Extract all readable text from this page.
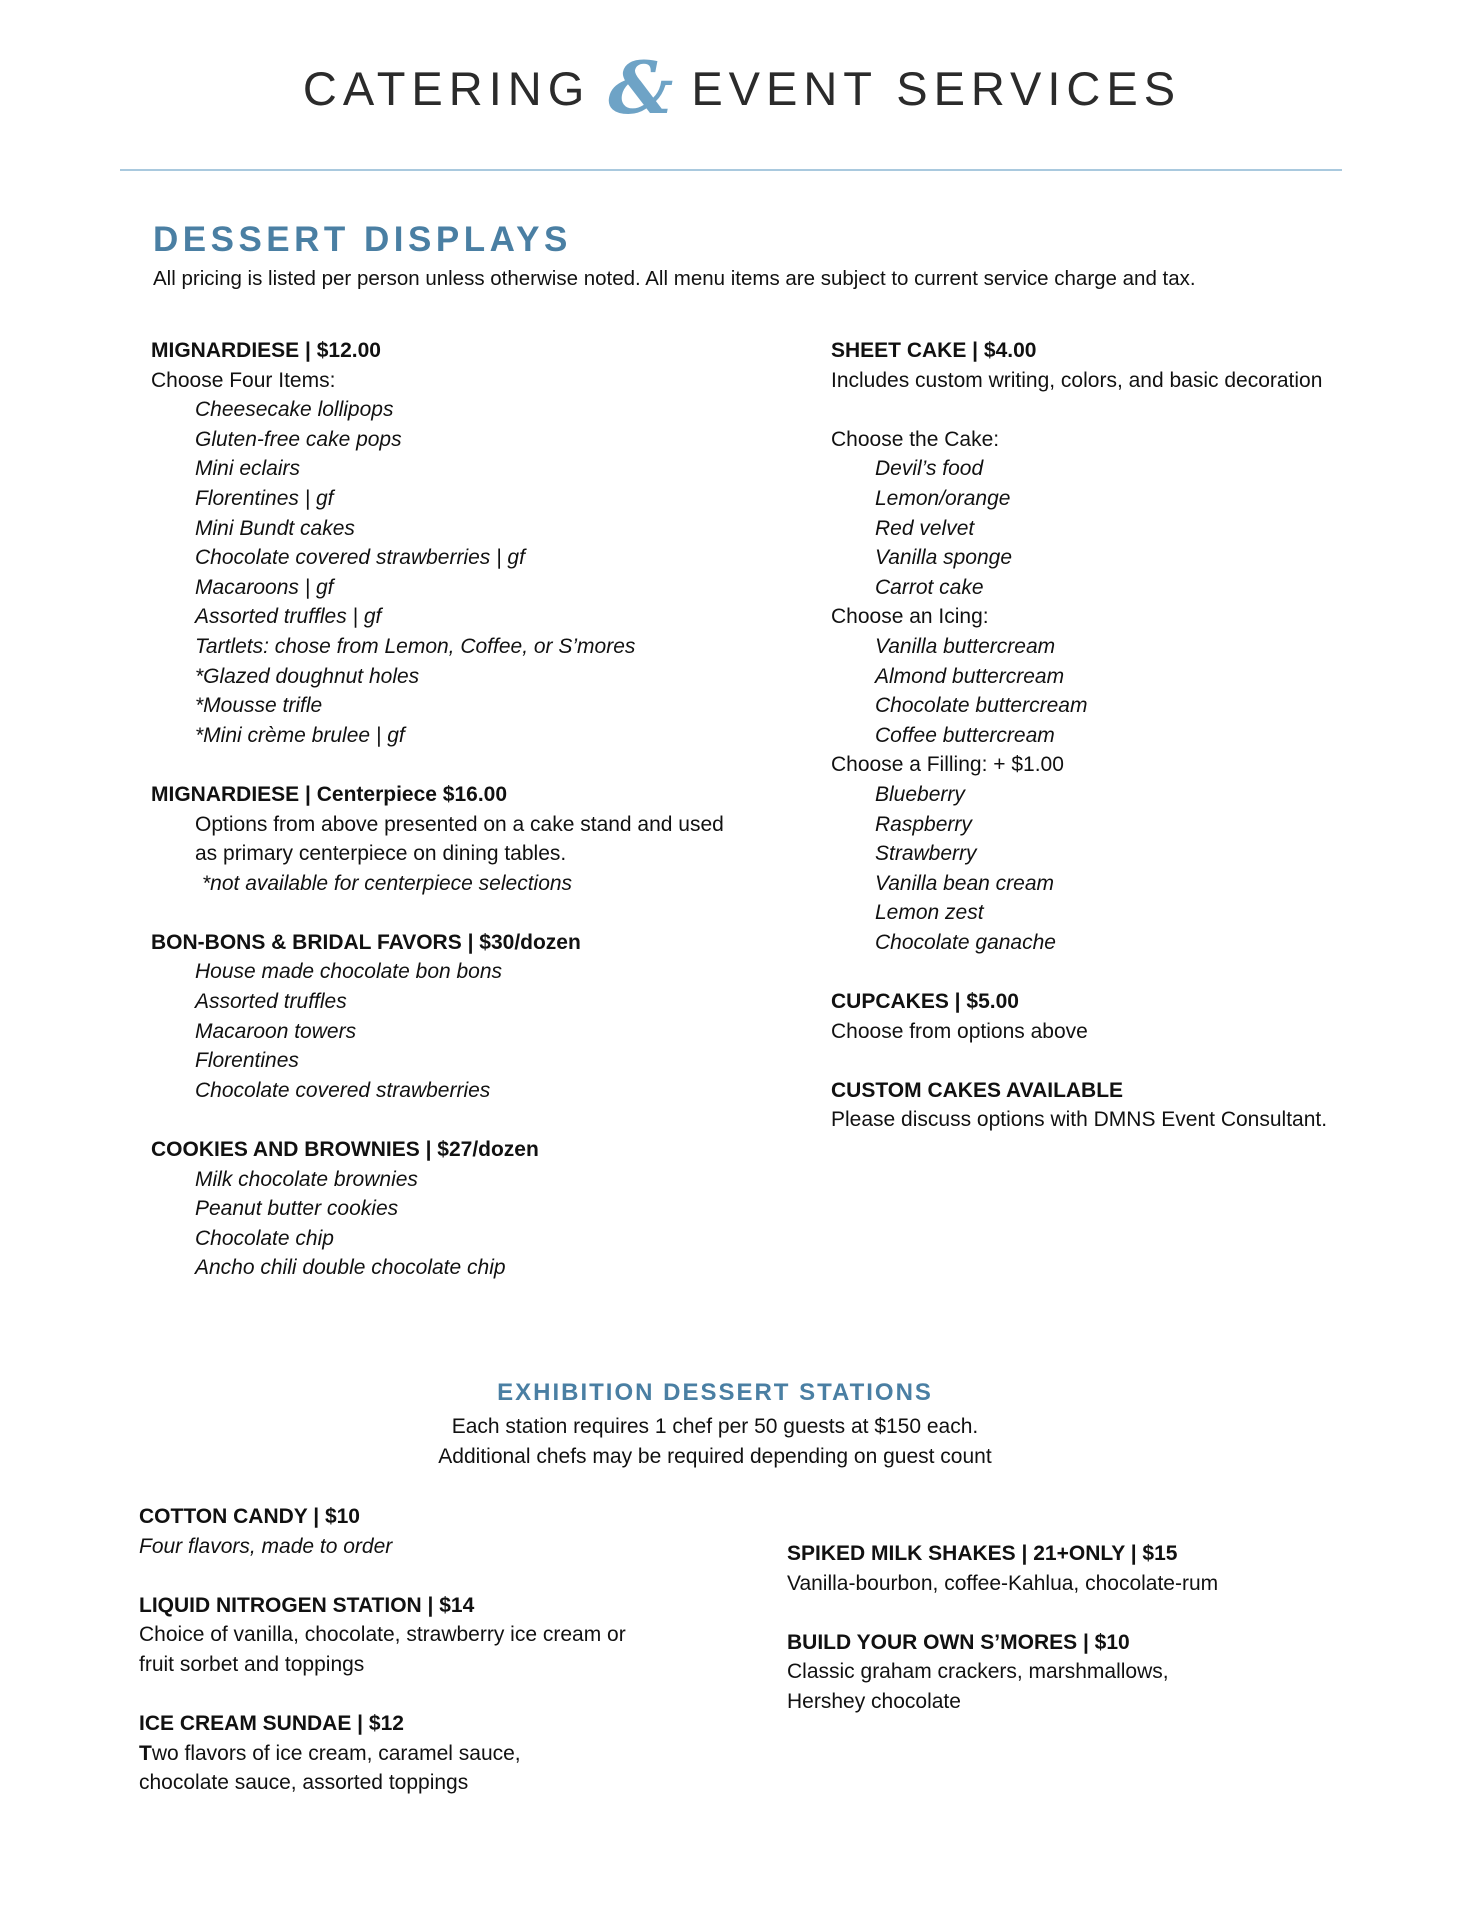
CATERING & EVENT SERVICES
DESSERT DISPLAYS
All pricing is listed per person unless otherwise noted. All menu items are subject to current service charge and tax.
MIGNARDIESE | $12.00
Choose Four Items:
Cheesecake lollipops
Gluten-free cake pops
Mini eclairs
Florentines | gf
Mini Bundt cakes
Chocolate covered strawberries | gf
Macaroons | gf
Assorted truffles | gf
Tartlets: chose from Lemon, Coffee, or S’mores
*Glazed doughnut holes
*Mousse trifle
*Mini crème brulee | gf
MIGNARDIESE | Centerpiece $16.00
Options from above presented on a cake stand and used
as primary centerpiece on dining tables.
*not available for centerpiece selections
BON-BONS & BRIDAL FAVORS | $30/dozen
House made chocolate bon bons
Assorted truffles
Macaroon towers
Florentines
Chocolate covered strawberries
COOKIES AND BROWNIES | $27/dozen
Milk chocolate brownies
Peanut butter cookies
Chocolate chip
Ancho chili double chocolate chip
SHEET CAKE | $4.00
Includes custom writing, colors, and basic decoration
Choose the Cake:
Devil’s food
Lemon/orange
Red velvet
Vanilla sponge
Carrot cake
Choose an Icing:
Vanilla buttercream
Almond buttercream
Chocolate buttercream
Coffee buttercream
Choose a Filling: + $1.00
Blueberry
Raspberry
Strawberry
Vanilla bean cream
Lemon zest
Chocolate ganache
CUPCAKES | $5.00
Choose from options above
CUSTOM CAKES AVAILABLE
Please discuss options with DMNS Event Consultant.
EXHIBITION DESSERT STATIONS
Each station requires 1 chef per 50 guests at $150 each.
Additional chefs may be required depending on guest count
COTTON CANDY | $10
Four flavors, made to order
LIQUID NITROGEN STATION | $14
Choice of vanilla, chocolate, strawberry ice cream or
fruit sorbet and toppings
ICE CREAM SUNDAE | $12
Two flavors of ice cream, caramel sauce,
chocolate sauce, assorted toppings
SPIKED MILK SHAKES | 21+ONLY | $15
Vanilla-bourbon, coffee-Kahlua, chocolate-rum
BUILD YOUR OWN S’MORES | $10
Classic graham crackers, marshmallows,
Hershey chocolate
